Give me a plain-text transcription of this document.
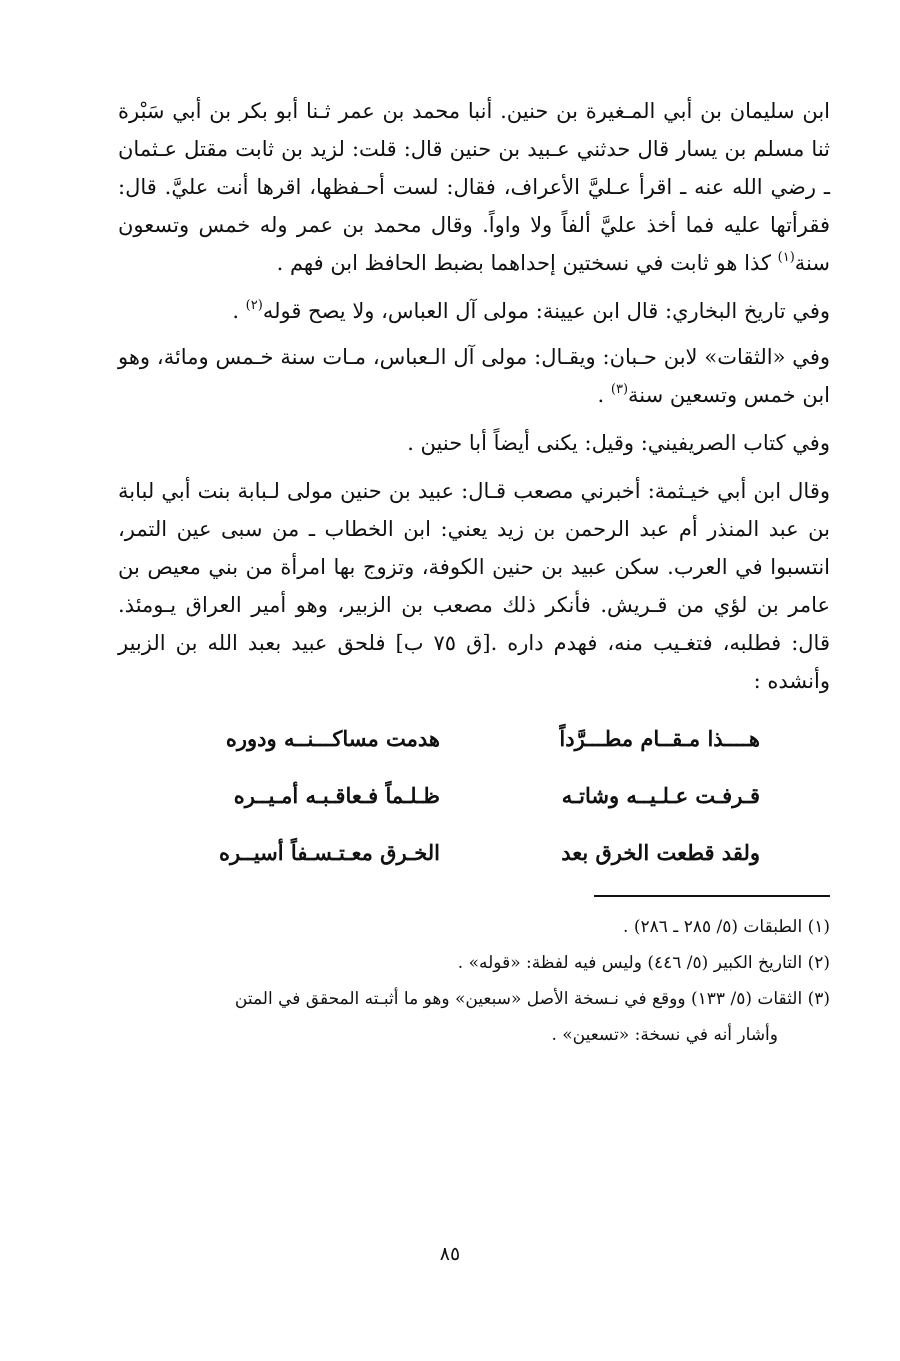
ابن سليمان بن أبي المـغيرة بن حنين. أنبا محمد بن عمر ثـنا أبو بكر بن أبي سَبْرة ثنا مسلم بن يسار قال حدثني عـبيد بن حنين قال: قلت: لزيد بن ثابت مقتل عـثمان ـ رضي الله عنه ـ اقرأ عـليَّ الأعراف، فقال: لست أحـفظها، اقرها أنت عليَّ. قال: فقرأتها عليه فما أخذ عليَّ ألفاً ولا واواً. وقال محمد بن عمر وله خمس وتسعون سنة$^{(١)}$ كذا هو ثابت في نسختين إحداهما بضبط الحافظ ابن فهم .

وفي تاريخ البخاري: قال ابن عيينة: مولى آل العباس، ولا يصح قوله$^{(٢)}$ .

وفي «الثقات» لابن حـبان: ويقـال: مولى آل الـعباس، مـات سنة خـمس ومائة، وهو ابن خمس وتسعين سنة$^{(٣)}$ .

وفي كتاب الصريفيني: وقيل: يكنى أيضاً أبا حنين .

وقال ابن أبي خيـثمة: أخبرني مصعب قـال: عبيد بن حنين مولى لـبابة بنت أبي لبابة بن عبد المنذر أم عبد الرحمن بن زيد يعني: ابن الخطاب ـ من سبى عين التمر، انتسبوا في العرب. سكن عبيد بن حنين الكوفة، وتزوج بها امرأة من بني معيص بن عامر بن لؤي من قـريش. فأنكر ذلك مصعب بن الزبير، وهو أمير العراق يـومئذ. قال: فطلبه، فتغـيب منه، فهدم داره .[ق ٧٥ ب] فلحق عبيد بعبد الله بن الزبير وأنشده :

هــــذا مـقــام مطـــرَّداً
هدمت مساكـــنــه ودوره
قـرفـت عـلـيــه وشاتـه
ظـلـماً فـعاقـبـه أمـيــره
ولقد قطعت الخرق بعد
الخـرق معـتـسـفاً أسيــره

(١) الطبقات (٥/ ٢٨٥ ـ ٢٨٦) .

(٢) التاريخ الكبير (٥/ ٤٤٦) وليس فيه لفظة: «قوله» .

(٣) الثقات (٥/ ١٣٣) ووقع في نـسخة الأصل «سبعين» وهو ما أثبـته المحقق في المتن

وأشار أنه في نسخة: «تسعين» .

٨٥
